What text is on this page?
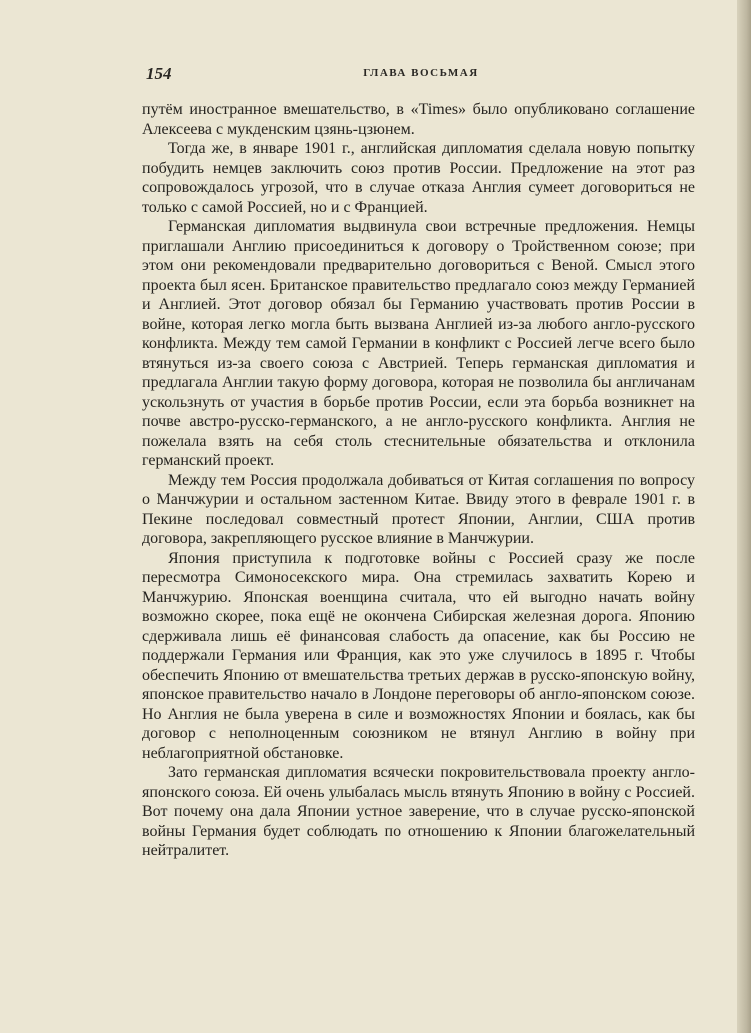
154	ГЛАВА ВОСЬМАЯ

путём иностранное вмешательство, в «Times» было опубликовано соглашение Алексеева с мукденским цзянь-цзюнем.

Тогда же, в январе 1901 г., английская дипломатия сделала новую попытку побудить немцев заключить союз против России. Предложение на этот раз сопровождалось угрозой, что в случае отказа Англия сумеет договориться не только с самой Россией, но и с Францией.

Германская дипломатия выдвинула свои встречные предложения. Немцы приглашали Англию присоединиться к договору о Тройственном союзе; при этом они рекомендовали предварительно договориться с Веной. Смысл этого проекта был ясен. Британское правительство предлагало союз между Германией и Англией. Этот договор обязал бы Германию участвовать против России в войне, которая легко могла быть вызвана Англией из-за любого англо-русского конфликта. Между тем самой Германии в конфликт с Россией легче всего было втянуться из-за своего союза с Австрией. Теперь германская дипломатия и предлагала Англии такую форму договора, которая не позволила бы англичанам ускользнуть от участия в борьбе против России, если эта борьба возникнет на почве австро-русско-германского, а не англо-русского конфликта. Англия не пожелала взять на себя столь стеснительные обязательства и отклонила германский проект.

Между тем Россия продолжала добиваться от Китая соглашения по вопросу о Манчжурии и остальном застенном Китае. Ввиду этого в феврале 1901 г. в Пекине последовал совместный протест Японии, Англии, США против договора, закрепляющего русское влияние в Манчжурии.

Япония приступила к подготовке войны с Россией сразу же после пересмотра Симоносекского мира. Она стремилась захватить Корею и Манчжурию. Японская военщина считала, что ей выгодно начать войну возможно скорее, пока ещё не окончена Сибирская железная дорога. Японию сдерживала лишь её финансовая слабость да опасение, как бы Россию не поддержали Германия или Франция, как это уже случилось в 1895 г. Чтобы обеспечить Японию от вмешательства третьих держав в русско-японскую войну, японское правительство начало в Лондоне переговоры об англо-японском союзе. Но Англия не была уверена в силе и возможностях Японии и боялась, как бы договор с неполноценным союзником не втянул Англию в войну при неблагоприятной обстановке.

Зато германская дипломатия всячески покровительствовала проекту англо-японского союза. Ей очень улыбалась мысль втянуть Японию в войну с Россией. Вот почему она дала Японии устное заверение, что в случае русско-японской войны Германия будет соблюдать по отношению к Японии благожелательный нейтралитет.
